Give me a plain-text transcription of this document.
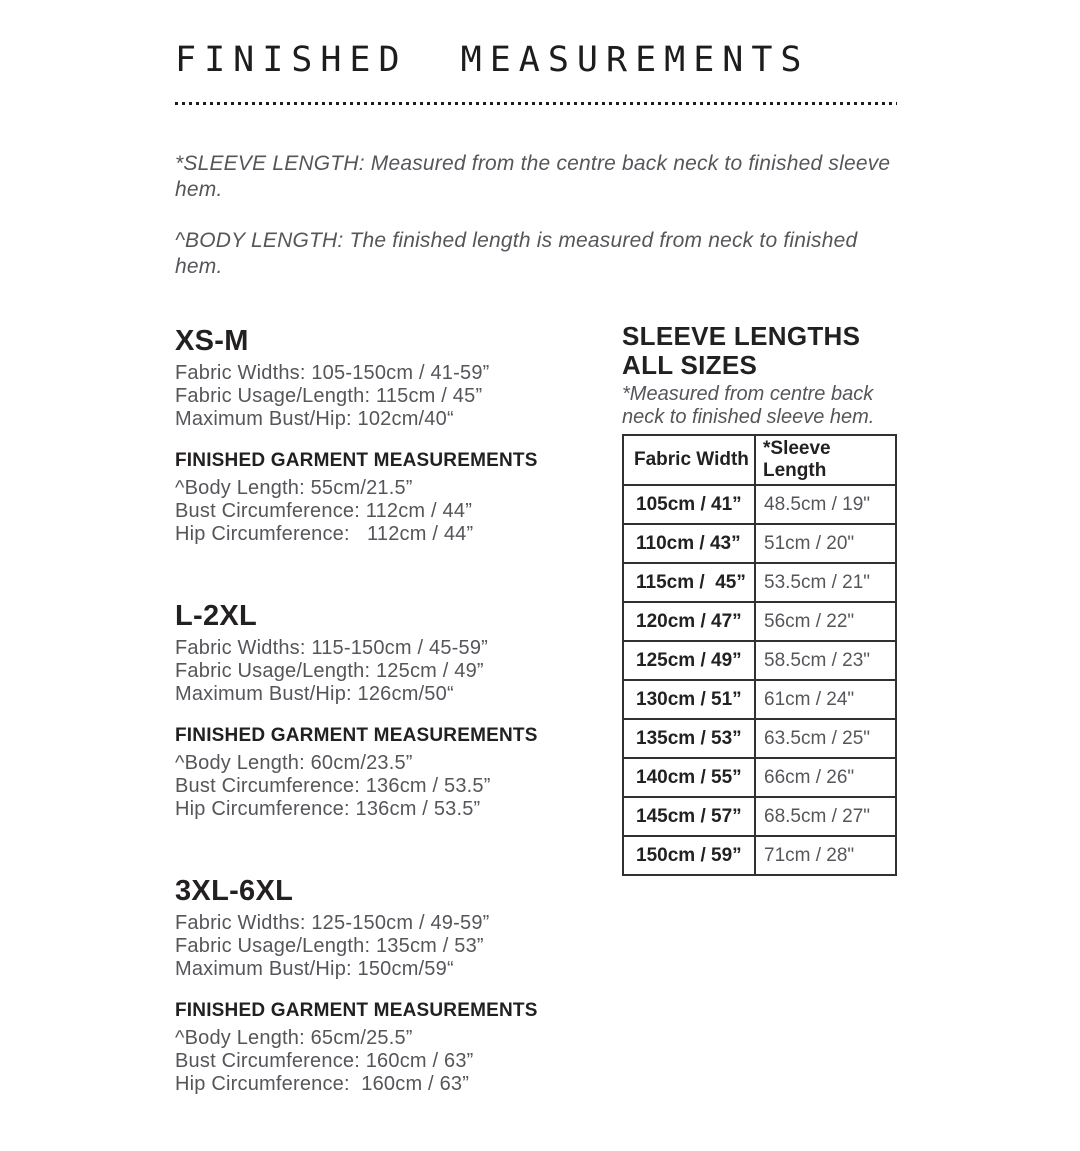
FINISHED MEASUREMENTS

*SLEEVE LENGTH: Measured from the centre back neck to finished sleeve
hem.

^BODY LENGTH: The finished length is measured from neck to finished
hem.

XS-M
Fabric Widths: 105-150cm / 41-59”
Fabric Usage/Length: 115cm / 45”
Maximum Bust/Hip: 102cm/40“
FINISHED GARMENT MEASUREMENTS
^Body Length: 55cm/21.5”
Bust Circumference: 112cm / 44”
Hip Circumference:   112cm / 44”
L-2XL
Fabric Widths: 115-150cm / 45-59”
Fabric Usage/Length: 125cm / 49”
Maximum Bust/Hip: 126cm/50“
FINISHED GARMENT MEASUREMENTS
^Body Length: 60cm/23.5”
Bust Circumference: 136cm / 53.5”
Hip Circumference: 136cm / 53.5”
3XL-6XL
Fabric Widths: 125-150cm / 49-59”
Fabric Usage/Length: 135cm / 53”
Maximum Bust/Hip: 150cm/59“
FINISHED GARMENT MEASUREMENTS
^Body Length: 65cm/25.5”
Bust Circumference: 160cm / 63”
Hip Circumference:  160cm / 63”
SLEEVE LENGTHS
ALL SIZES

*Measured from centre back
neck to finished sleeve hem.

Fabric Width	*Sleeve Length
105cm / 41”	48.5cm / 19"
110cm / 43”	51cm / 20"
115cm /  45”	53.5cm / 21"
120cm / 47”	56cm / 22"
125cm / 49”	58.5cm / 23"
130cm / 51”	61cm / 24"
135cm / 53”	63.5cm / 25"
140cm / 55”	66cm / 26"
145cm / 57”	68.5cm / 27"
150cm / 59”	71cm / 28"
